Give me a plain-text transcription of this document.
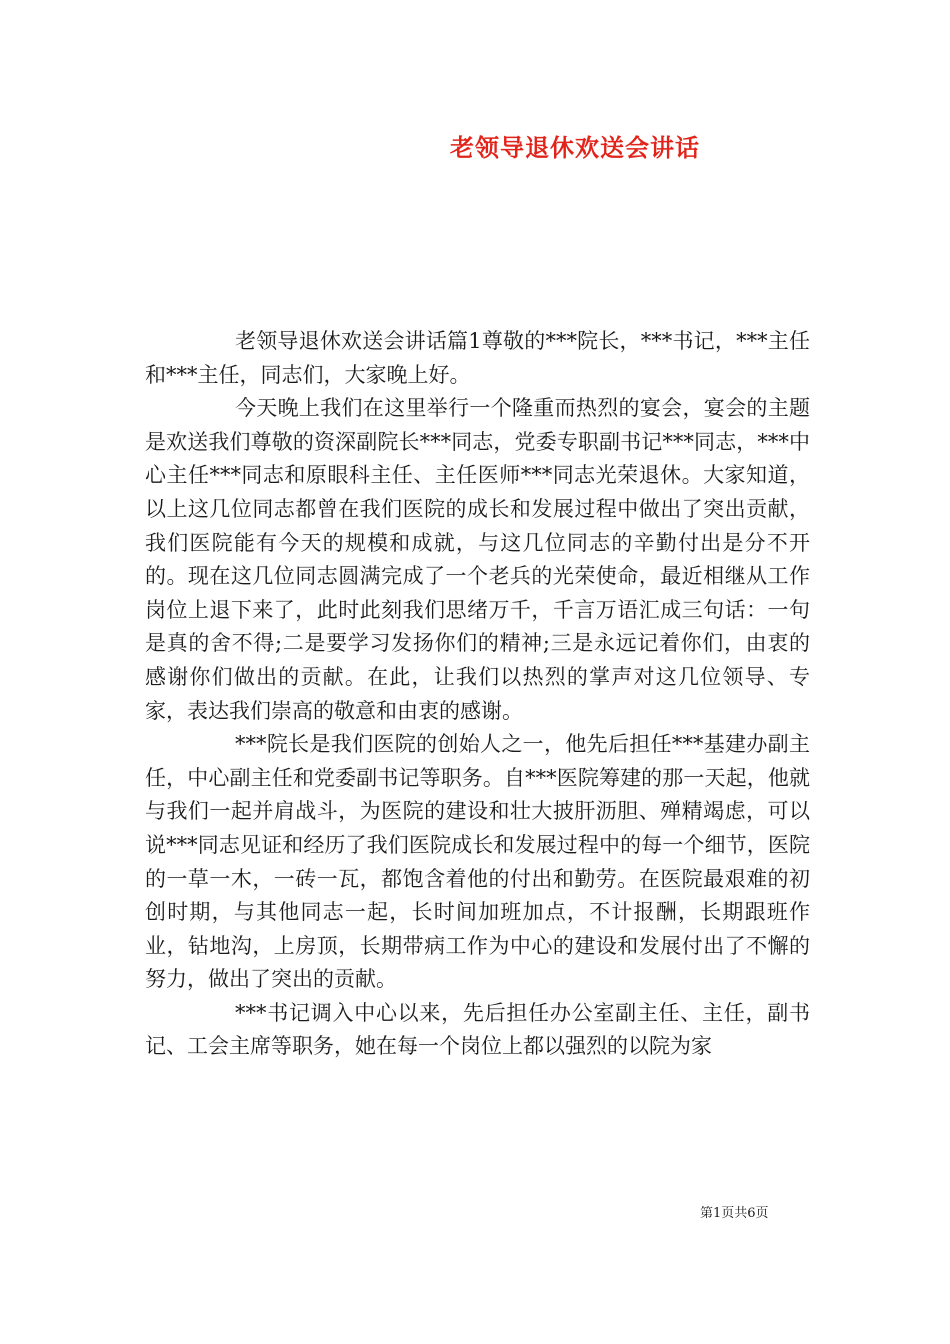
老领导退休欢送会讲话

老领导退休欢送会讲话篇1尊敬的***院长，***书记，***主任和***主任，同志们，大家晚上好。

今天晚上我们在这里举行一个隆重而热烈的宴会，宴会的主题是欢送我们尊敬的资深副院长***同志，党委专职副书记***同志，***中心主任***同志和原眼科主任、主任医师***同志光荣退休。大家知道，以上这几位同志都曾在我们医院的成长和发展过程中做出了突出贡献，我们医院能有今天的规模和成就，与这几位同志的辛勤付出是分不开的。现在这几位同志圆满完成了一个老兵的光荣使命，最近相继从工作岗位上退下来了，此时此刻我们思绪万千，千言万语汇成三句话：一句是真的舍不得;二是要学习发扬你们的精神;三是永远记着你们，由衷的感谢你们做出的贡献。在此，让我们以热烈的掌声对这几位领导、专家，表达我们崇高的敬意和由衷的感谢。

***院长是我们医院的创始人之一，他先后担任***基建办副主任，中心副主任和党委副书记等职务。自***医院筹建的那一天起，他就与我们一起并肩战斗，为医院的建设和壮大披肝沥胆、殚精竭虑，可以说***同志见证和经历了我们医院成长和发展过程中的每一个细节，医院的一草一木，一砖一瓦，都饱含着他的付出和勤劳。在医院最艰难的初创时期，与其他同志一起，长时间加班加点，不计报酬，长期跟班作业，钻地沟，上房顶，长期带病工作为中心的建设和发展付出了不懈的努力，做出了突出的贡献。

***书记调入中心以来，先后担任办公室副主任、主任，副书记、工会主席等职务，她在每一个岗位上都以强烈的以院为家

第1页共6页
